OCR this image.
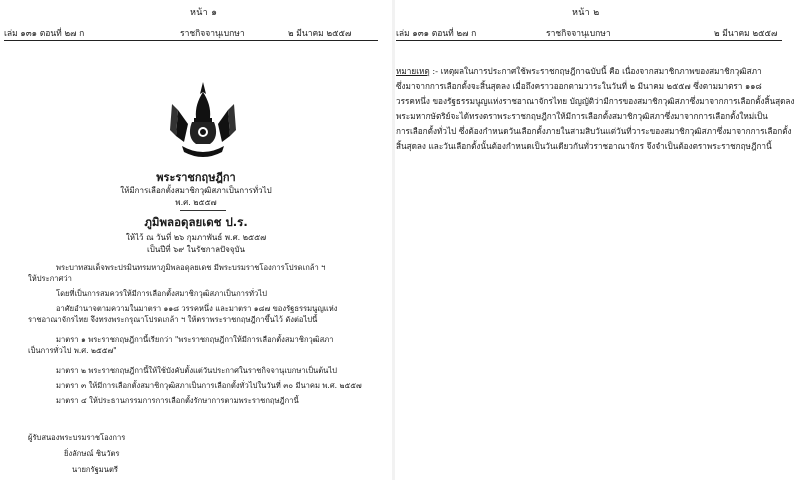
หน้า ๑
เล่ม ๑๓๑ ตอนที่ ๒๗ ก	ราชกิจจานุเบกษา	๒ มีนาคม ๒๕๕๗
พระราชกฤษฎีกา
ให้มีการเลือกตั้งสมาชิกวุฒิสภาเป็นการทั่วไป
พ.ศ. ๒๕๕๗
ภูมิพลอดุลยเดช ป.ร.
ให้ไว้ ณ วันที่ ๒๖ กุมภาพันธ์ พ.ศ. ๒๕๕๗
เป็นปีที่ ๖๙ ในรัชกาลปัจจุบัน
พระบาทสมเด็จพระปรมินทรมหาภูมิพลอดุลยเดช มีพระบรมราชโองการโปรดเกล้า ฯ
ให้ประกาศว่า
โดยที่เป็นการสมควรให้มีการเลือกตั้งสมาชิกวุฒิสภาเป็นการทั่วไป
อาศัยอำนาจตามความในมาตรา ๑๑๘ วรรคหนึ่ง และมาตรา ๑๘๗ ของรัฐธรรมนูญแห่ง
ราชอาณาจักรไทย จึงทรงพระกรุณาโปรดเกล้า ฯ ให้ตราพระราชกฤษฎีกาขึ้นไว้ ดังต่อไปนี้
มาตรา ๑ พระราชกฤษฎีกานี้เรียกว่า "พระราชกฤษฎีกาให้มีการเลือกตั้งสมาชิกวุฒิสภา
เป็นการทั่วไป พ.ศ. ๒๕๕๗"
มาตรา ๒ พระราชกฤษฎีกานี้ให้ใช้บังคับตั้งแต่วันประกาศในราชกิจจานุเบกษาเป็นต้นไป
มาตรา ๓ ให้มีการเลือกตั้งสมาชิกวุฒิสภาเป็นการเลือกตั้งทั่วไปในวันที่ ๓๐ มีนาคม พ.ศ. ๒๕๕๗
มาตรา ๔ ให้ประธานกรรมการการเลือกตั้งรักษาการตามพระราชกฤษฎีกานี้
ผู้รับสนองพระบรมราชโองการ
ยิ่งลักษณ์ ชินวัตร
นายกรัฐมนตรี
หน้า ๒
เล่ม ๑๓๑ ตอนที่ ๒๗ ก	ราชกิจจานุเบกษา	๒ มีนาคม ๒๕๕๗
หมายเหตุ :- เหตุผลในการประกาศใช้พระราชกฤษฎีกาฉบับนี้ คือ เนื่องจากสมาชิกภาพของสมาชิกวุฒิสภา
ซึ่งมาจากการเลือกตั้งจะสิ้นสุดลง เมื่อถึงคราวออกตามวาระในวันที่ ๒ มีนาคม ๒๕๕๗ ซึ่งตามมาตรา ๑๑๘
วรรคหนึ่ง ของรัฐธรรมนูญแห่งราชอาณาจักรไทย บัญญัติว่ามีการของสมาชิกวุฒิสภาซึ่งมาจากการเลือกตั้งสิ้นสุดลง
พระมหากษัตริย์จะได้ทรงตราพระราชกฤษฎีกาให้มีการเลือกตั้งสมาชิกวุฒิสภาซึ่งมาจากการเลือกตั้งใหม่เป็น
การเลือกตั้งทั่วไป ซึ่งต้องกำหนดวันเลือกตั้งภายในสามสิบวันแต่วันที่วาระของสมาชิกวุฒิสภาซึ่งมาจากการเลือกตั้ง
สิ้นสุดลง และวันเลือกตั้งนั้นต้องกำหนดเป็นวันเดียวกันทั่วราชอาณาจักร จึงจำเป็นต้องตราพระราชกฤษฎีกานี้
